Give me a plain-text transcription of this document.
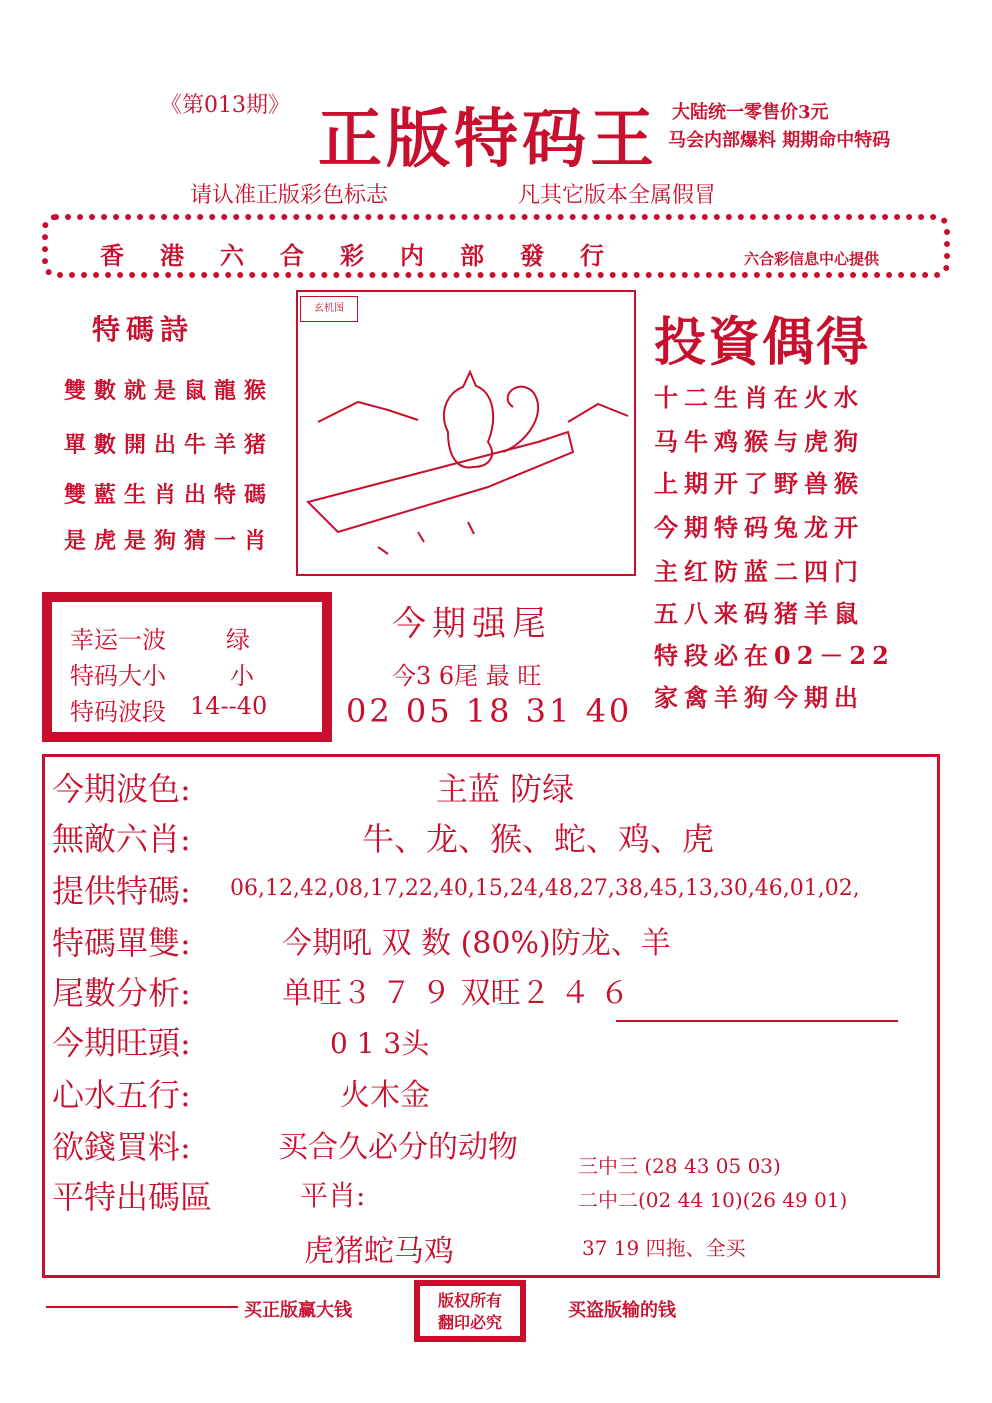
《第013期》 正版特码王 大陆统一零售价3元
马会内部爆料 期期命中特码
请认准正版彩色标志	凡其它版本全属假冒
香港六合彩内部發行	六合彩信息中心提供
特碼詩
雙數就是鼠龍猴
單數開出牛羊猪
雙藍生肖出特碼
是虎是狗猜一肖
玄机图
投資偶得
十二生肖在火水
马牛鸡猴与虎狗
上期开了野兽猴
今期特码兔龙开
主红防蓝二四门
五八来码猪羊鼠
特段必在02－22
家禽羊狗今期出
幸运一波	绿
特码大小	小
特码波段 14--40
今期强尾
今3 6尾 最 旺
02 05 18 31 40
今期波色:	主蓝 防绿
無敵六肖:	牛、龙、猴、蛇、鸡、虎
提供特碼: 06,12,42,08,17,22,40,15,24,48,27,38,45,13,30,46,01,02,
特碼單雙:	今期吼 双 数 (80%)防龙、羊
尾數分析:	单旺３ ７ ９ 双旺２ ４ ６
今期旺頭:	0 1 3头
心水五行:	火木金
欲錢買料:	买合久必分的动物
平特出碼區	平肖:
虎猪蛇马鸡
三中三 (28 43 05 03)
二中二(02 44 10)(26 49 01)
37 19 四拖、全买
买正版赢大钱	版权所有
翻印必究
买盗版输的钱
